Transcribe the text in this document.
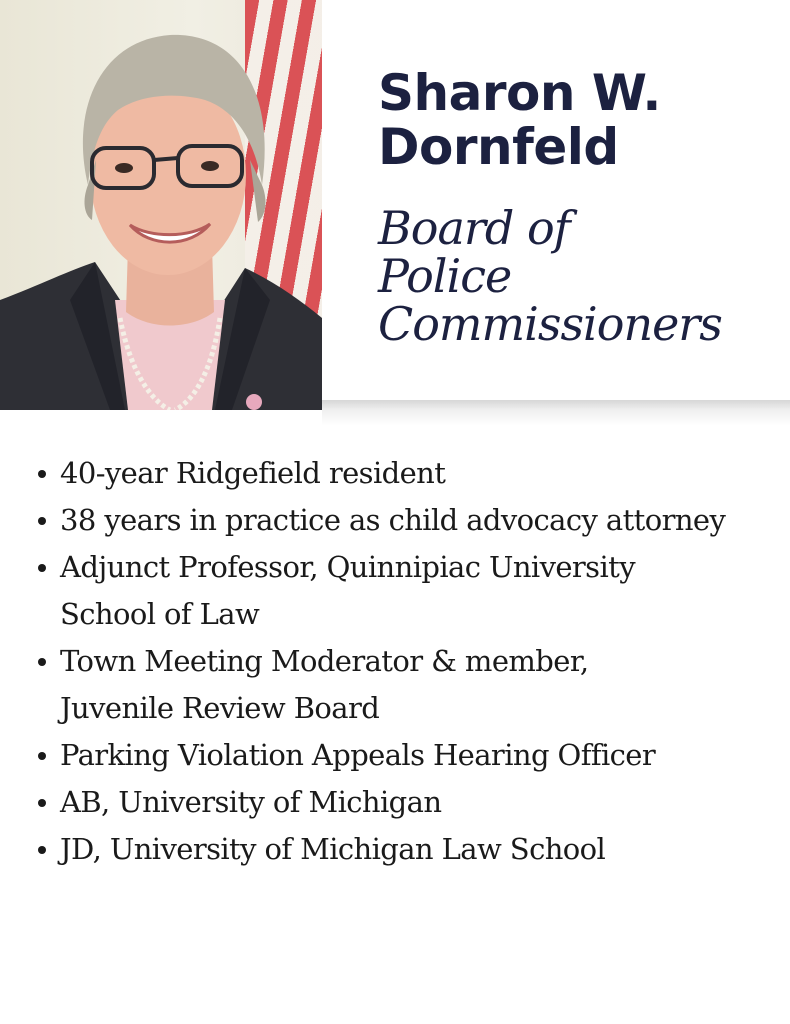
Sharon W.
Dornfeld
Board of
Police
Commissioners
40-year Ridgefield resident
38 years in practice as child advocacy attorney
Adjunct Professor, Quinnipiac University
School of Law
Town Meeting Moderator & member,
Juvenile Review Board
Parking Violation Appeals Hearing Officer
AB, University of Michigan
JD, University of Michigan Law School
